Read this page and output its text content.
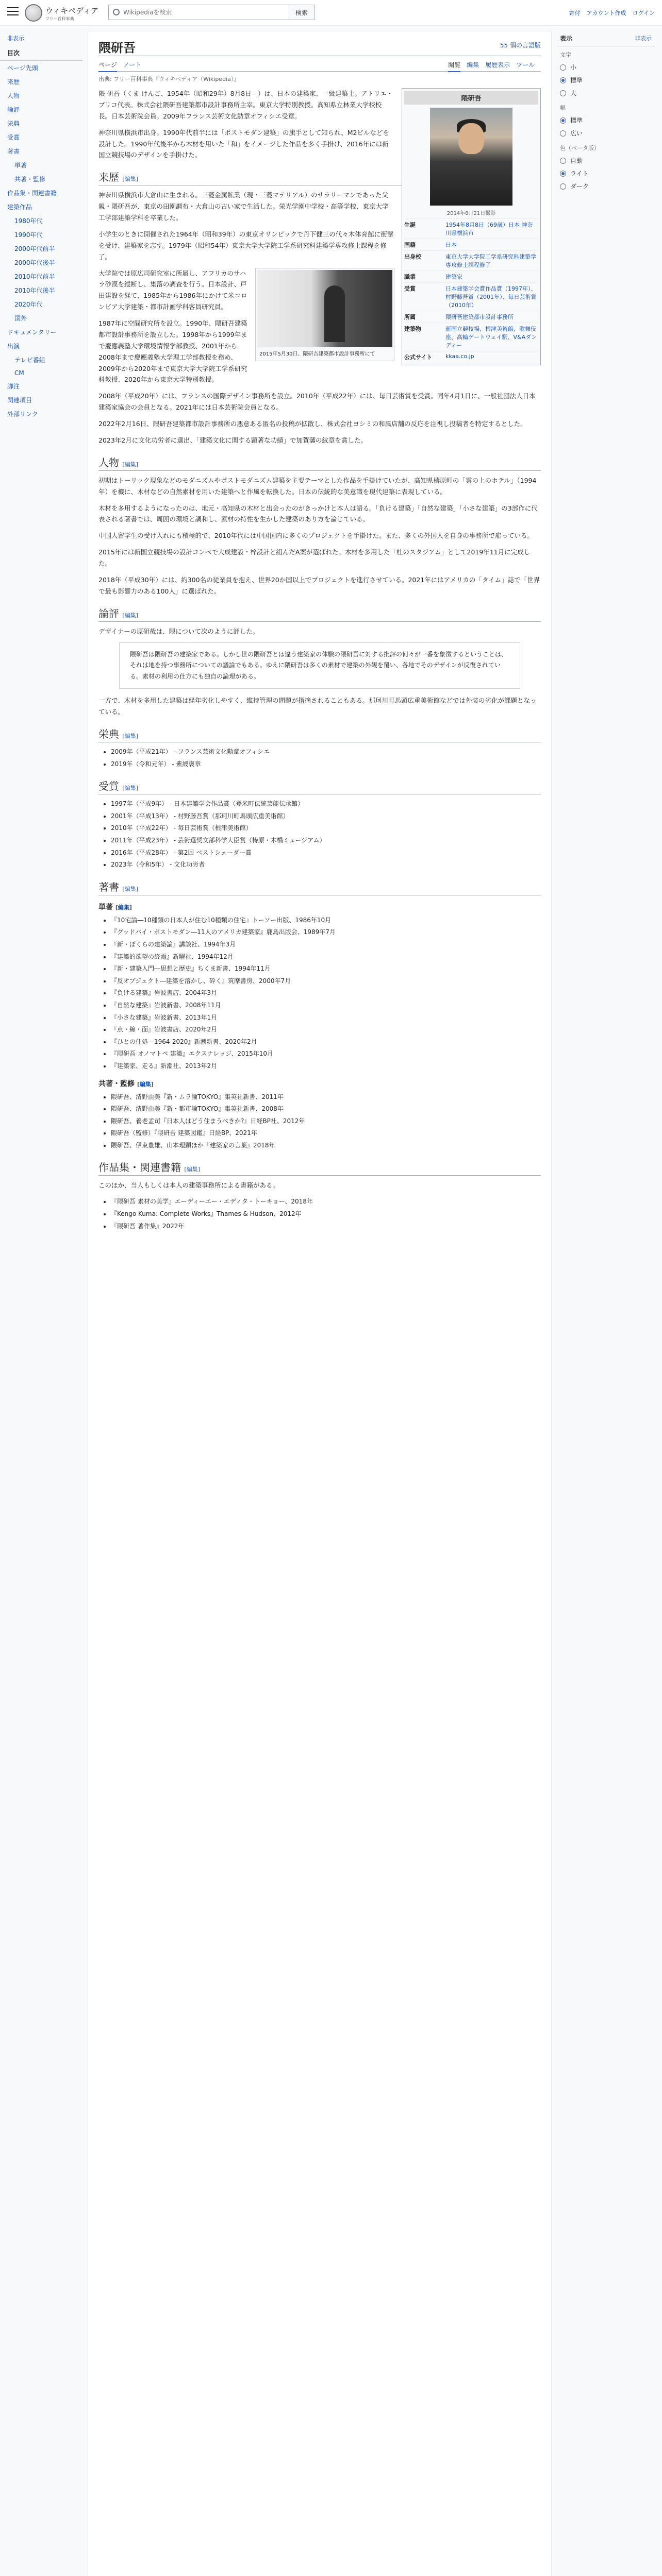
ウィキペディア
フリー百科事典
Wikipediaを検索
検索	寄付 アカウント作成 ログイン
非表示
目次
ページ先頭
来歴
人物
論評
栄典
受賞
著書
単著
共著・監修
作品集・関連書籍
建築作品
1980年代
1990年代
2000年代前半
2000年代後半
2010年代前半
2010年代後半
2020年代
国外
ドキュメンタリー
出演
テレビ番組
CM
脚注
関連項目
外部リンク
隈研吾	55 個の言語版
ページ ノート	閲覧 編集 履歴表示 ツール
出典: フリー百科事典『ウィキペディア（Wikipedia）』
隈研吾
2014年8月21日撮影
生誕	1954年8月8日（69歳）日本 神奈川県横浜市
国籍	日本
出身校	東京大学大学院工学系研究科建築学専攻修士課程修了
職業	建築家
受賞	日本建築学会賞作品賞（1997年）、村野藤吾賞（2001年）、毎日芸術賞（2010年）
所属	隈研吾建築都市設計事務所
建築物	新国立競技場、根津美術館、歌舞伎座、高輪ゲートウェイ駅、V&Aダンディー
公式サイト	kkaa.co.jp

隈 研吾（くま けんご、1954年（昭和29年）8月8日 - ）は、日本の建築家、一級建築士。アトリエ・ブリコ代表。株式会社隈研吾建築都市設計事務所主宰。東京大学特別教授。高知県立林業大学校校長。日本芸術院会員。2009年フランス芸術文化勲章オフィシエ受章。

神奈川県横浜市出身。1990年代前半には「ポストモダン建築」の旗手として知られ、M2ビルなどを設計した。1990年代後半から木材を用いた「和」をイメージした作品を多く手掛け、2016年には新国立競技場のデザインを手掛けた。

来歴 [編集]

神奈川県横浜市大倉山に生まれる。三菱金属鉱業（現・三菱マテリアル）のサラリーマンであった父親・隈研吾が、東京の田園調布・大倉山の古い家で生活した。栄光学園中学校・高等学校、東京大学工学部建築学科を卒業した。

小学生のときに開催された1964年（昭和39年）の東京オリンピックで丹下健三の代々木体育館に衝撃を受け、建築家を志す。1979年（昭和54年）東京大学大学院工学系研究科建築学専攻修士課程を修了。

2015年5月30日、隈研吾建築都市設計事務所にて

大学院では原広司研究室に所属し、アフリカのサハラ砂漠を縦断し、集落の調査を行う。日本設計、戸田建設を経て、1985年から1986年にかけて米コロンビア大学建築・都市計画学科客員研究員。

1987年に空間研究所を設立。1990年、隈研吾建築都市設計事務所を設立した。1998年から1999年まで慶應義塾大学環境情報学部教授、2001年から2008年まで慶應義塾大学理工学部教授を務め、2009年から2020年まで東京大学大学院工学系研究科教授、2020年から東京大学特別教授。

2008年（平成20年）には、フランスの国際デザイン事務所を設立。2010年（平成22年）には、毎日芸術賞を受賞。同年4月1日に、一般社団法人日本建築家協会の会員となる。2021年には日本芸術院会員となる。

2022年2月16日、隈研吾建築都市設計事務所の悪意ある匿名の投稿が拡散し、株式会社ヨシミの和風店舗の反応を注視し投稿者を特定するとした。

2023年2月に文化功労者に選出、「建築文化に関する顕著な功績」で加賀藩の紋章を賞した。

人物 [編集]

初期はトーリック現象などのモダニズムやポストモダニズム建築を主要テーマとした作品を手掛けていたが、高知県檮原町の「雲の上のホテル」（1994年）を機に、木材などの自然素材を用いた建築へと作風を転換した。日本の伝統的な美意識を現代建築に表現している。

木材を多用するようになったのは、地元・高知県の木材と出会ったのがきっかけと本人は語る。「負ける建築」「自然な建築」「小さな建築」の3部作に代表される著書では、周囲の環境と調和し、素材の特性を生かした建築のあり方を論じている。

中国人留学生の受け入れにも積極的で、2010年代には中国国内に多くのプロジェクトを手掛けた。また、多くの外国人を自身の事務所で雇っている。

2015年には新国立競技場の設計コンペで大成建設・梓設計と組んだA案が選ばれた。木材を多用した「杜のスタジアム」として2019年11月に完成した。

2018年（平成30年）には、約300名の従業員を抱え、世界20か国以上でプロジェクトを進行させている。2021年にはアメリカの「タイム」誌で「世界で最も影響力のある100人」に選ばれた。

論評 [編集]

デザイナーの原研哉は、隈について次のように評した。

隈研吾は隈研吾の建築家である。しかし世の隈研吾とは違う建築家の体験の隈研吾に対する批評の何々が一番を象徴するということは、それは地を持つ事務所についての議論でもある。ゆえに隈研吾は多くの素材で建築の外観を覆い、各地でそのデザインが反復されている。素材の利用の仕方にも独自の論理がある。

一方で、木材を多用した建築は経年劣化しやすく、維持管理の問題が指摘されることもある。那珂川町馬頭広重美術館などでは外装の劣化が課題となっている。

栄典 [編集]
• 2009年（平成21年） - フランス芸術文化勲章オフィシエ
• 2019年（令和元年） - 紫綬褒章
受賞 [編集]
• 1997年（平成9年） - 日本建築学会作品賞（登米町伝統芸能伝承館）
• 2001年（平成13年） - 村野藤吾賞（那珂川町馬頭広重美術館）
• 2010年（平成22年） - 毎日芸術賞（根津美術館）
• 2011年（平成23年） - 芸術選奨文部科学大臣賞（梼原・木橋ミュージアム）
• 2016年（平成28年） - 第2回 ベストシェーダー賞
• 2023年（令和5年） - 文化功労者
著書 [編集]
単著 [編集]
• 『10宅論―10種類の日本人が住む10種類の住宅』トーソー出版、1986年10月
• 『グッドバイ・ポストモダン―11人のアメリカ建築家』鹿島出版会、1989年7月
• 『新・ぼくらの建築論』講談社、1994年3月
• 『建築的欲望の終焉』新曜社、1994年12月
• 『新・建築入門―思想と歴史』ちくま新書、1994年11月
• 『反オブジェクト―建築を溶かし、砕く』筑摩書房、2000年7月
• 『負ける建築』岩波書店、2004年3月
• 『自然な建築』岩波新書、2008年11月
• 『小さな建築』岩波新書、2013年1月
• 『点・線・面』岩波書店、2020年2月
• 『ひとの住処―1964-2020』新潮新書、2020年2月
• 『隈研吾 オノマトペ 建築』エクスナレッジ、2015年10月
• 『建築家、走る』新潮社、2013年2月
共著・監修 [編集]
• 隈研吾、清野由美『新・ムラ論TOKYO』集英社新書、2011年
• 隈研吾、清野由美『新・都市論TOKYO』集英社新書、2008年
• 隈研吾、養老孟司『日本人はどう住まうべきか?』日経BP社、2012年
• 隈研吾（監修）『隈研吾 建築図鑑』日経BP、2021年
• 隈研吾、伊東豊雄、山本理顕ほか『建築家の言葉』2018年
作品集・関連書籍 [編集]

このほか、当人もしくは本人の建築事務所による書籍がある。

• 『隈研吾 素材の美学』エーディーエー・エディタ・トーキョー、2018年
• 『Kengo Kuma: Complete Works』Thames & Hudson、2012年
• 『隈研吾 著作集』2022年
表示	非表示
文字
小
標準
大
幅
標準
広い
色（ベータ版）
自動
ライト
ダーク
